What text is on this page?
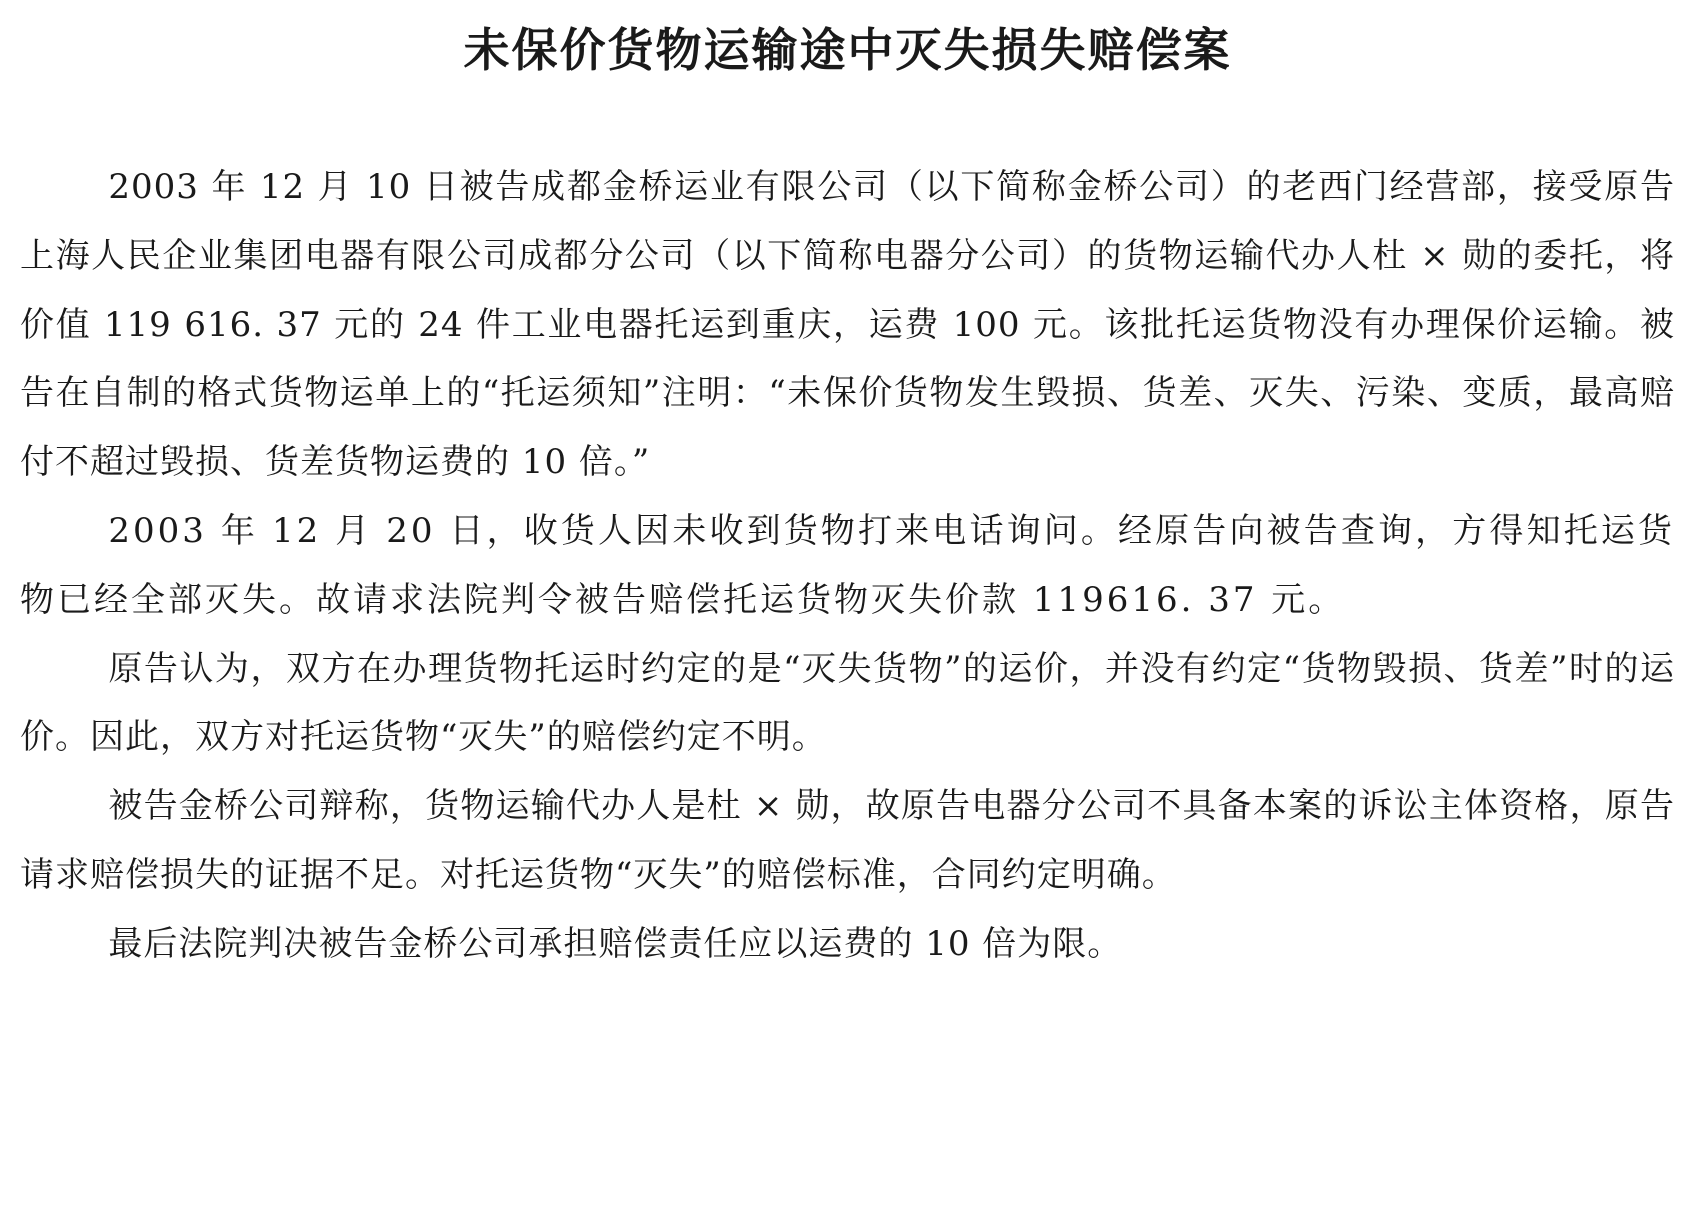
未保价货物运输途中灭失损失赔偿案

2003 年 12 月 10 日被告成都金桥运业有限公司（以下简称金桥公司）的老西门经营部，接受原告上海人民企业集团电器有限公司成都分公司（以下简称电器分公司）的货物运输代办人杜 × 勋的委托，将价值 119 616. 37 元的 24 件工业电器托运到重庆，运费 100 元。该批托运货物没有办理保价运输。被告在自制的格式货物运单上的“托运须知”注明：“未保价货物发生毁损、货差、灭失、污染、变质，最高赔付不超过毁损、货差货物运费的 10 倍。”

2003 年 12 月 20 日，收货人因未收到货物打来电话询问。经原告向被告查询，方得知托运货物已经全部灭失。故请求法院判令被告赔偿托运货物灭失价款 119616. 37 元。

原告认为，双方在办理货物托运时约定的是“灭失货物”的运价，并没有约定“货物毁损、货差”时的运价。因此，双方对托运货物“灭失”的赔偿约定不明。

被告金桥公司辩称，货物运输代办人是杜 × 勋，故原告电器分公司不具备本案的诉讼主体资格，原告请求赔偿损失的证据不足。对托运货物“灭失”的赔偿标准，合同约定明确。

最后法院判决被告金桥公司承担赔偿责任应以运费的 10 倍为限。
